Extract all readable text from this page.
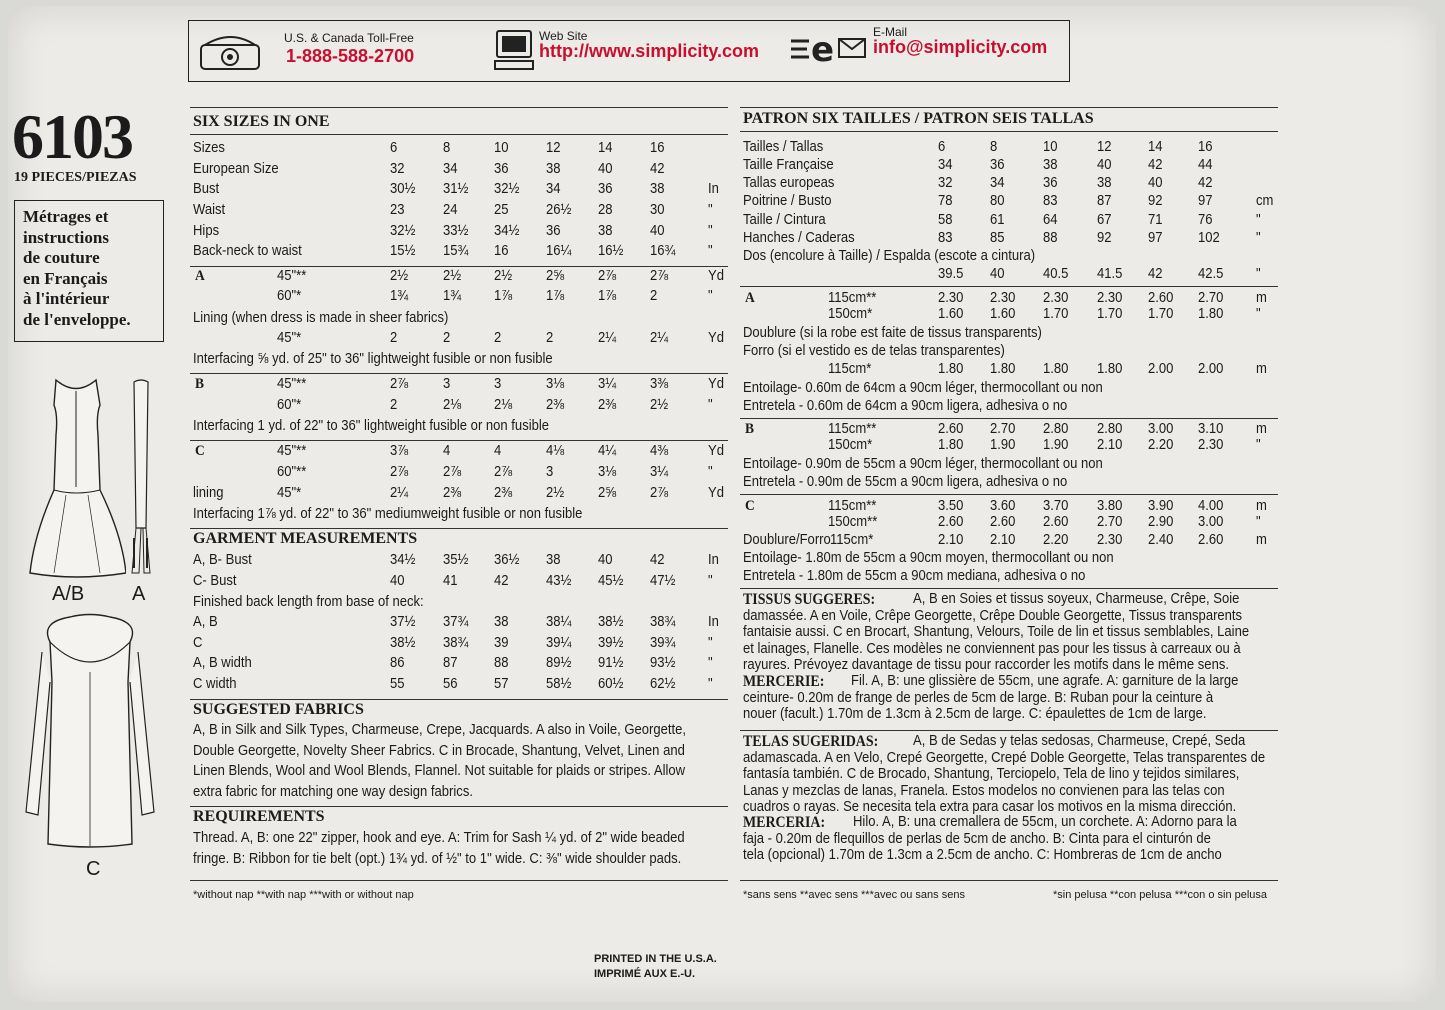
U.S. & Canada Toll-Free
1-888-588-2700
Web Site
http://www.simplicity.com e	E-Mail
info@simplicity.com
6103
19 PIECES/PIEZAS
Métrages et
instructions
de couture
en Français
à l'intérieur
de l'enveloppe.
A/B A
C
SIX SIZES IN ONE	PATRON SIX TAILLES / PATRON SEIS TALLAS
Sizes	6	8	10	12	14	16
European Size	32	34	36	38	40	42
Bust	30½ 31½ 32½ 34	36	38	In
Waist	23	24	25	26½ 28	30	"
Hips	32½ 33½ 34½ 36	38	40	"
Back-neck to waist	15½ 15¾ 16	16¼ 16½ 16¾ "
A	45"**	2½ 2½ 2½ 2⅝ 2⅞ 2⅞	Yd
60"*	1¾ 1¾ 1⅞ 1⅞ 1⅞ 2	"
Lining (when dress is made in sheer fabrics)
45"*	2	2	2	2	2¼ 2¼	Yd
Interfacing ⅝ yd. of 25" to 36" lightweight fusible or non fusible
B	45"**	2⅞ 3	3	3⅛ 3¼ 3⅜	Yd
60"*	2	2⅛ 2⅛ 2⅜ 2⅜ 2½	"
Interfacing 1 yd. of 22" to 36" lightweight fusible or non fusible
C	45"**	3⅞ 4	4	4⅛ 4¼ 4⅜	Yd
60"**	2⅞ 2⅞ 2⅞ 3	3⅛ 3¼	"
lining	45"*	2¼ 2⅜ 2⅜ 2½ 2⅝ 2⅞	Yd
Interfacing 1⅞ yd. of 22" to 36" mediumweight fusible or non fusible
GARMENT MEASUREMENTS
A, B- Bust	34½ 35½ 36½ 38	40	42	In
C- Bust	40	41	42	43½ 45½ 47½ "
Finished back length from base of neck:
A, B	37½ 37¾ 38	38¼ 38½ 38¾ In
C	38½ 38¾ 39	39¼ 39½ 39¾ "
A, B width	86	87	88	89½ 91½ 93½ "
C width	55	56	57	58½ 60½ 62½ "
SUGGESTED FABRICS
A, B in Silk and Silk Types, Charmeuse, Crepe, Jacquards. A also in Voile, Georgette,
Double Georgette, Novelty Sheer Fabrics. C in Brocade, Shantung, Velvet, Linen and
Linen Blends, Wool and Wool Blends, Flannel. Not suitable for plaids or stripes. Allow
extra fabric for matching one way design fabrics.
REQUIREMENTS
Thread. A, B: one 22" zipper, hook and eye. A: Trim for Sash ¼ yd. of 2" wide beaded
fringe. B: Ribbon for tie belt (opt.) 1¾ yd. of ½" to 1" wide. C: ⅜" wide shoulder pads.
*without nap **with nap ***with or without nap
Tailles / Tallas	6	8	10	12	14 16
Taille Française	34	36	38	40	42 44
Tallas europeas	32	34	36	38	40 42
Poitrine / Busto	78	80	83	87	92 97	cm
Taille / Cintura	58	61	64	67	71 76	"
Hanches / Caderas	83	85	88	92	97 102 "
Dos (encolure à Taille) / Espalda (escote a cintura)
39.5 40	40.5 41.5 42 42.5 "
A	115cm**	2.30 2.30 2.30 2.30 2.60 2.70 m
150cm*	1.60 1.60 1.70 1.70 1.70 1.80 "
Doublure (si la robe est faite de tissus transparents)
Forro (si el vestido es de telas transparentes)
115cm*	1.80 1.80 1.80 1.80 2.00 2.00 m
Entoilage- 0.60m de 64cm a 90cm léger, thermocollant ou non
Entretela - 0.60m de 64cm a 90cm ligera, adhesiva o no
B	115cm**	2.60 2.70 2.80 2.80 3.00 3.10 m
150cm*	1.80 1.90 1.90 2.10 2.20 2.30 "
Entoilage- 0.90m de 55cm a 90cm léger, thermocollant ou non
Entretela - 0.90m de 55cm a 90cm ligera, adhesiva o no
C	115cm**	3.50 3.60 3.70 3.80 3.90 4.00 m
150cm**	2.60 2.60 2.60 2.70 2.90 3.00 "
Doublure/Forro 115cm*	2.10 2.10 2.20 2.30 2.40 2.60 m
Entoilage- 1.80m de 55cm a 90cm moyen, thermocollant ou non
Entretela - 1.80m de 55cm a 90cm mediana, adhesiva o no
TISSUS SUGGERES:	A, B en Soies et tissus soyeux, Charmeuse, Crêpe, Soie
damassée. A en Voile, Crêpe Georgette, Crêpe Double Georgette, Tissus transparents
fantaisie aussi. C en Brocart, Shantung, Velours, Toile de lin et tissus semblables, Laine
et lainages, Flanelle. Ces modèles ne conviennent pas pour les tissus à carreaux ou à
rayures. Prévoyez davantage de tissu pour raccorder les motifs dans le même sens.
MERCERIE: Fil. A, B: une glissière de 55cm, une agrafe. A: garniture de la large
ceinture- 0.20m de frange de perles de 5cm de large. B: Ruban pour la ceinture à
nouer (facult.) 1.70m de 1.3cm à 2.5cm de large. C: épaulettes de 1cm de large.
TELAS SUGERIDAS: A, B de Sedas y telas sedosas, Charmeuse, Crepé, Seda
adamascada. A en Velo, Crepé Georgette, Crepé Doble Georgette, Telas transparentes de
fantasía también. C de Brocado, Shantung, Terciopelo, Tela de lino y tejidos similares,
Lanas y mezclas de lanas, Franela. Estos modelos no convienen para las telas con
cuadros o rayas. Se necesita tela extra para casar los motivos en la misma dirección.
MERCERIA: Hilo. A, B: una cremallera de 55cm, un corchete. A: Adorno para la
faja - 0.20m de flequillos de perlas de 5cm de ancho. B: Cinta para el cinturón de
tela (opcional) 1.70m de 1.3cm a 2.5cm de ancho. C: Hombreras de 1cm de ancho
*sans sens **avec sens ***avec ou sans sens	*sin pelusa **con pelusa ***con o sin pelusa
PRINTED IN THE U.S.A.
IMPRIMÉ AUX E.-U.
